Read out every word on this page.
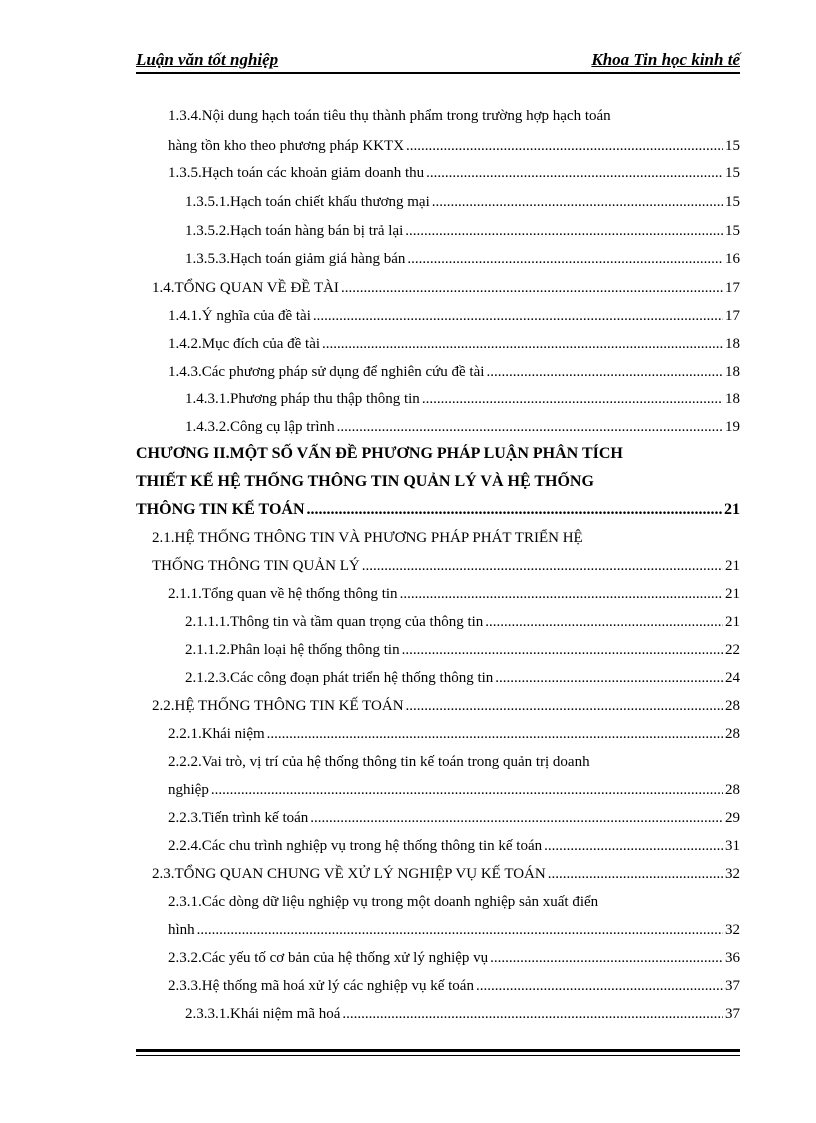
Luận văn tốt nghiệp	Khoa Tin học kinh tế
1.3.4.Nội dung hạch toán tiêu thụ thành phẩm trong trường hợp hạch toán
hàng tồn kho theo phương pháp KKTX .....	15
1.3.5.Hạch toán các khoản giảm doanh thu .....	15
1.3.5.1.Hạch toán chiết khấu thương mại .....	15
1.3.5.2.Hạch toán hàng bán bị trả lại .....	15
1.3.5.3.Hạch toán giảm giá hàng bán .....	16
1.4.TỔNG QUAN VỀ ĐỀ TÀI .....	17
1.4.1.Ý nghĩa của đề tài .....	17
1.4.2.Mục đích của đề tài .....	18
1.4.3.Các phương pháp sử dụng để nghiên cứu đề tài .....	18
1.4.3.1.Phương pháp thu thập thông tin .....	18
1.4.3.2.Công cụ lập trình .....	19
CHƯƠNG II.MỘT SỐ VẤN ĐỀ PHƯƠNG PHÁP LUẬN PHÂN TÍCH
THIẾT KẾ HỆ THỐNG THÔNG TIN QUẢN LÝ VÀ HỆ THỐNG
THÔNG TIN KẾ TOÁN .....	21
2.1.HỆ THỐNG THÔNG TIN VÀ PHƯƠNG PHÁP PHÁT TRIỂN HỆ
THỐNG THÔNG TIN QUẢN LÝ .....	21
2.1.1.Tổng quan về hệ thống thông tin .....	21
2.1.1.1.Thông tin và tầm quan trọng của thông tin .....	21
2.1.1.2.Phân loại hệ thống thông tin .....	22
2.1.2.3.Các công đoạn phát triển hệ thống thông tin .....	24
2.2.HỆ THỐNG THÔNG TIN KẾ TOÁN .....	28
2.2.1.Khái niệm .....	28
2.2.2.Vai trò, vị trí của hệ thống thông tin kế toán trong quản trị doanh
nghiệp .....	28
2.2.3.Tiến trình kế toán .....	29
2.2.4.Các chu trình nghiệp vụ trong hệ thống thông tin kế toán .....	31
2.3.TỔNG QUAN CHUNG VỀ XỬ LÝ NGHIỆP VỤ KẾ TOÁN .....	32
2.3.1.Các dòng dữ liệu nghiệp vụ trong một doanh nghiệp sản xuất điển
hình .....	32
2.3.2.Các yếu tố cơ bản của hệ thống xử lý nghiệp vụ .....	36
2.3.3.Hệ thống mã hoá xử lý các nghiệp vụ kế toán .....	37
2.3.3.1.Khái niệm mã hoá .....	37
